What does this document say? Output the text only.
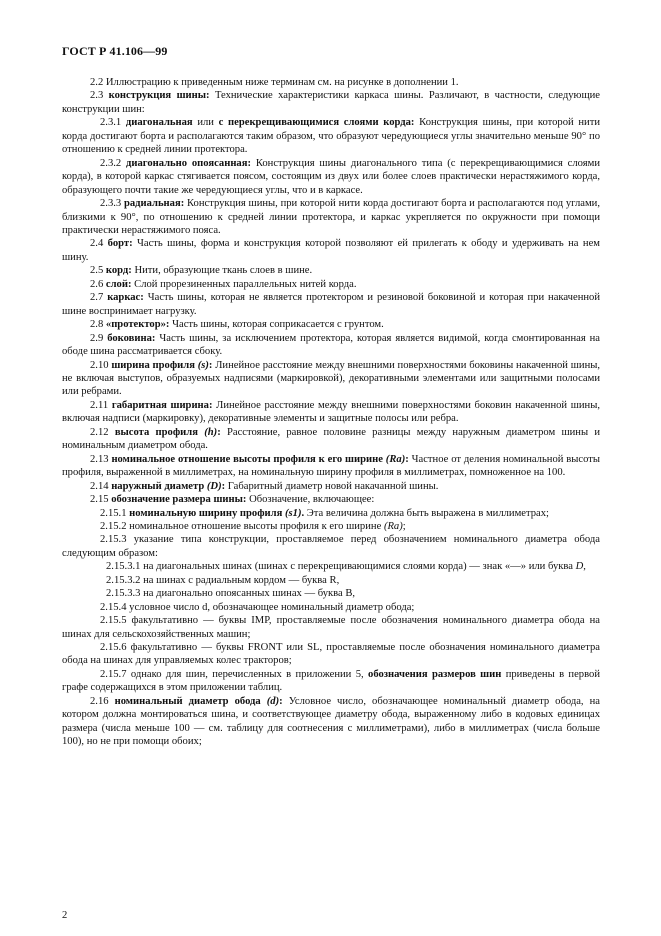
ГОСТ Р 41.106—99

2.2 Иллюстрацию к приведенным ниже терминам см. на рисунке в дополнении 1.

2.3 конструкция шины: Технические характеристики каркаса шины. Различают, в частности, следующие конструкции шин:

2.3.1 диагональная или с перекрещивающимися слоями корда: Конструкция шины, при которой нити корда достигают борта и располагаются таким образом, что образуют чередующиеся углы значительно меньше 90° по отношению к средней линии протектора.

2.3.2 диагонально опоясанная: Конструкция шины диагонального типа (с перекрещивающимися слоями корда), в которой каркас стягивается поясом, состоящим из двух или более слоев практически нерастяжимого корда, образующего почти такие же чередующиеся углы, что и в каркасе.

2.3.3 радиальная: Конструкция шины, при которой нити корда достигают борта и располагаются под углами, близкими к 90°, по отношению к средней линии протектора, и каркас укрепляется по окружности при помощи практически нерастяжимого пояса.

2.4 борт: Часть шины, форма и конструкция которой позволяют ей прилегать к ободу и удерживать на нем шину.

2.5 корд: Нити, образующие ткань слоев в шине.

2.6 слой: Слой прорезиненных параллельных нитей корда.

2.7 каркас: Часть шины, которая не является протектором и резиновой боковиной и которая при накаченной шине воспринимает нагрузку.

2.8 «протектор»: Часть шины, которая соприкасается с грунтом.

2.9 боковина: Часть шины, за исключением протектора, которая является видимой, когда смонтированная на ободе шина рассматривается сбоку.

2.10 ширина профиля (s): Линейное расстояние между внешними поверхностями боковины накаченной шины, не включая выступов, образуемых надписями (маркировкой), декоративными элементами или защитными полосами или ребрами.

2.11 габаритная ширина: Линейное расстояние между внешними поверхностями боковин накаченной шины, включая надписи (маркировку), декоративные элементы и защитные полосы или ребра.

2.12 высота профиля (h): Расстояние, равное половине разницы между наружным диаметром шины и номинальным диаметром обода.

2.13 номинальное отношение высоты профиля к его ширине (Ra): Частное от деления номинальной высоты профиля, выраженной в миллиметрах, на номинальную ширину профиля в миллиметрах, помноженное на 100.

2.14 наружный диаметр (D): Габаритный диаметр новой накачанной шины.

2.15 обозначение размера шины: Обозначение, включающее:

2.15.1 номинальную ширину профиля (s1). Эта величина должна быть выражена в миллиметрах;

2.15.2 номинальное отношение высоты профиля к его ширине (Ra);

2.15.3 указание типа конструкции, проставляемое перед обозначением номинального диаметра обода следующим образом:

2.15.3.1 на диагональных шинах (шинах с перекрещивающимися слоями корда) — знак «—» или буква D,

2.15.3.2 на шинах с радиальным кордом — буква R,

2.15.3.3 на диагонально опоясанных шинах — буква B,

2.15.4 условное число d, обозначающее номинальный диаметр обода;

2.15.5 факультативно — буквы IMP, проставляемые после обозначения номинального диаметра обода на шинах для сельскохозяйственных машин;

2.15.6 факультативно — буквы FRONT или SL, проставляемые после обозначения номинального диаметра обода на шинах для управляемых колес тракторов;

2.15.7 однако для шин, перечисленных в приложении 5, обозначения размеров шин приведены в первой графе содержащихся в этом приложении таблиц.

2.16 номинальный диаметр обода (d): Условное число, обозначающее номинальный диаметр обода, на котором должна монтироваться шина, и соответствующее диаметру обода, выраженному либо в кодовых единицах размера (числа меньше 100 — см. таблицу для соотнесения с миллиметрами), либо в миллиметрах (числа больше 100), но не при помощи обоих;

2
